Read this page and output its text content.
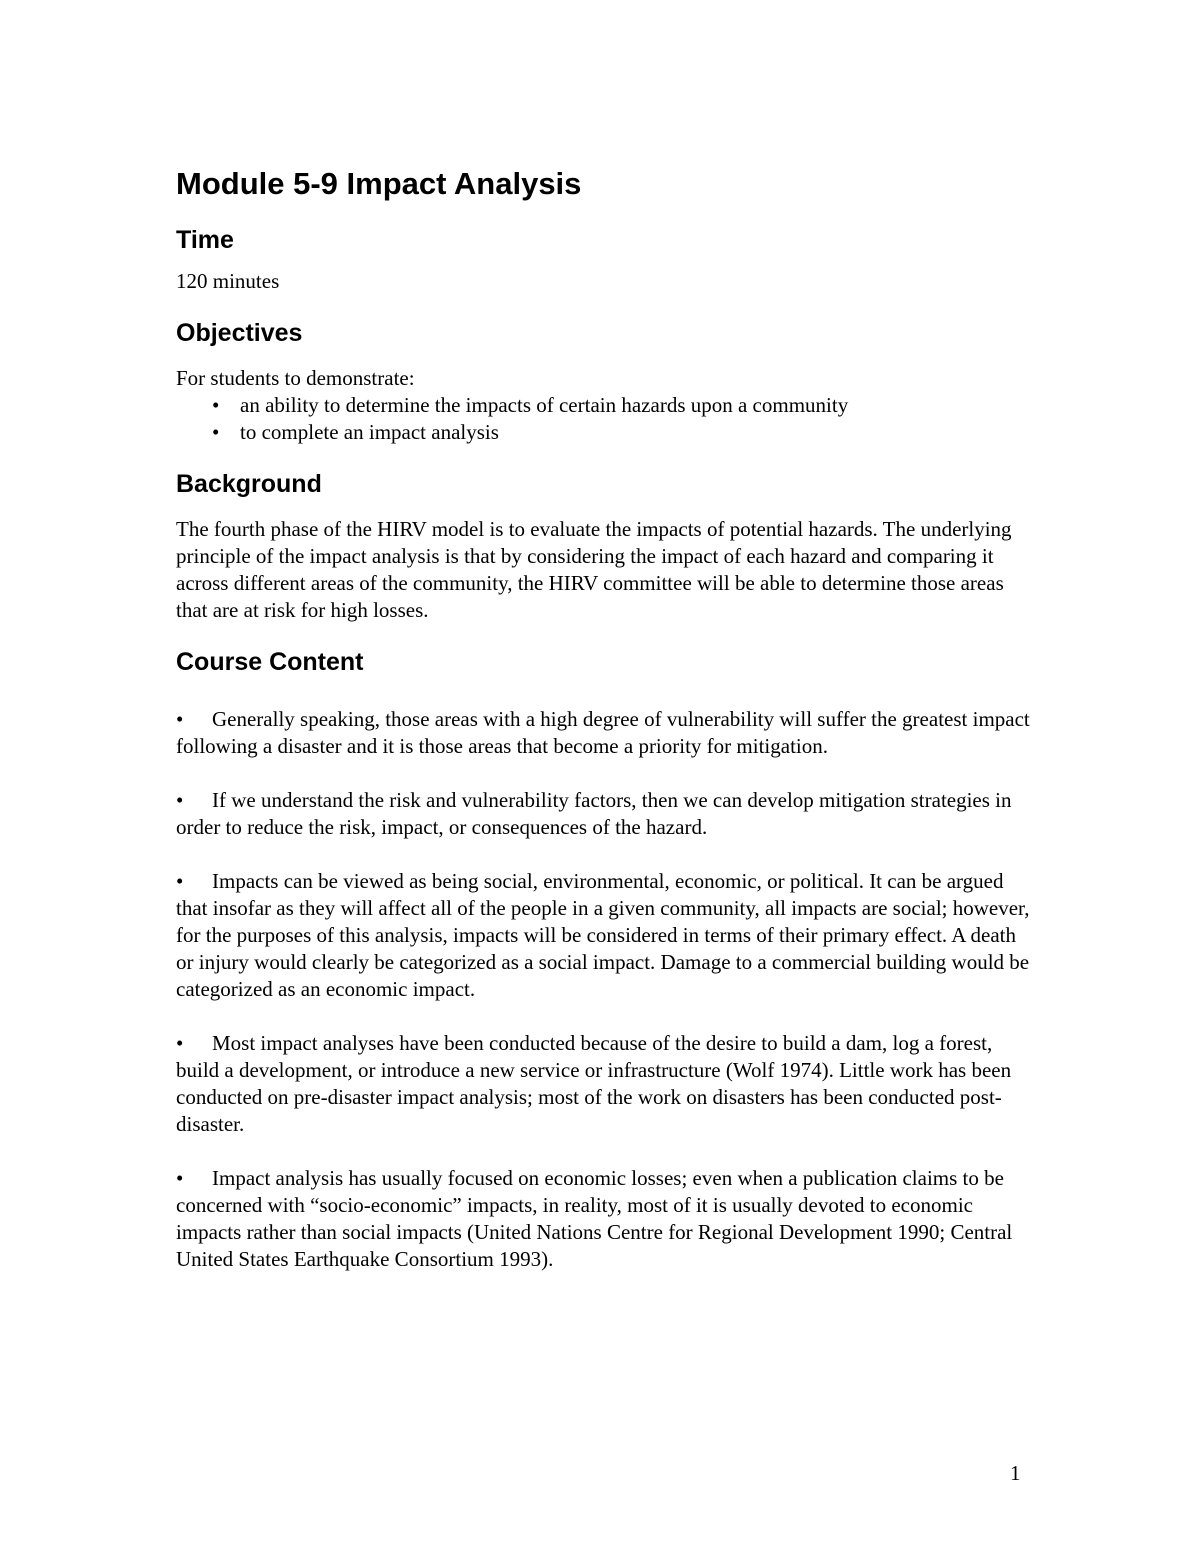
Module 5-9 Impact Analysis
Time

120 minutes

Objectives

For students to demonstrate:

• an ability to determine the impacts of certain hazards upon a community
• to complete an impact analysis
Background

The fourth phase of the HIRV model is to evaluate the impacts of potential hazards. The underlying principle of the impact analysis is that by considering the impact of each hazard and comparing it across different areas of the community, the HIRV committee will be able to determine those areas that are at risk for high losses.

Course Content
• Generally speaking, those areas with a high degree of vulnerability will suffer the greatest impact following a disaster and it is those areas that become a priority for mitigation.
• If we understand the risk and vulnerability factors, then we can develop mitigation strategies in order to reduce the risk, impact, or consequences of the hazard.
• Impacts can be viewed as being social, environmental, economic, or political. It can be argued that insofar as they will affect all of the people in a given community, all impacts are social; however, for the purposes of this analysis, impacts will be considered in terms of their primary effect. A death or injury would clearly be categorized as a social impact. Damage to a commercial building would be categorized as an economic impact.
• Most impact analyses have been conducted because of the desire to build a dam, log a forest, build a development, or introduce a new service or infrastructure (Wolf 1974). Little work has been conducted on pre-disaster impact analysis; most of the work on disasters has been conducted post-disaster.
• Impact analysis has usually focused on economic losses; even when a publication claims to be concerned with “socio-economic” impacts, in reality, most of it is usually devoted to economic impacts rather than social impacts (United Nations Centre for Regional Development 1990; Central United States Earthquake Consortium 1993).
1
